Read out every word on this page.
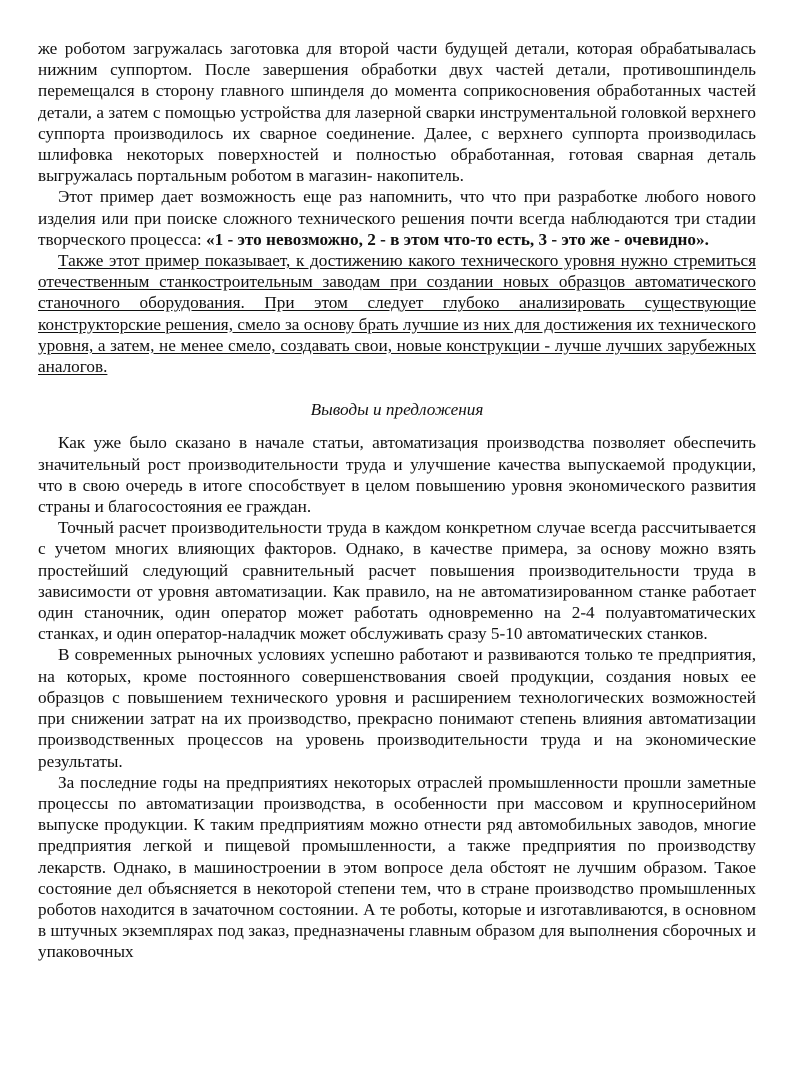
же роботом загружалась заготовка для второй части будущей детали, которая обрабатывалась нижним суппортом. После завершения обработки двух частей детали, противошпиндель перемещался в сторону главного шпинделя до момента соприкосновения обработанных частей детали, а затем с помощью устройства для лазерной сварки инструментальной головкой верхнего суппорта производилось их сварное соединение. Далее, с верхнего суппорта производилась шлифовка некоторых поверхностей и полностью обработанная, готовая сварная деталь выгружалась портальным роботом в магазин- накопитель.

Этот пример дает возможность еще раз напомнить, что что при разработке любого нового изделия или при поиске сложного технического решения почти всегда наблюдаются три стадии творческого процесса: «1 - это невозможно, 2 - в этом что-то есть, 3 - это же - очевидно».

Также этот пример показывает, к достижению какого технического уровня нужно стремиться отечественным станкостроительным заводам при создании новых образцов автоматического станочного оборудования. При этом следует глубоко анализировать существующие конструкторские решения, смело за основу брать лучшие из них для достижения их технического уровня, а затем, не менее смело, создавать свои, новые конструкции - лучше лучших зарубежных аналогов.

Выводы и предложения

Как уже было сказано в начале статьи, автоматизация производства позволяет обеспечить значительный рост производительности труда и улучшение качества выпускаемой продукции, что в свою очередь в итоге способствует в целом повышению уровня экономического развития страны и благосостояния ее граждан.

Точный расчет производительности труда в каждом конкретном случае всегда рассчитывается с учетом многих влияющих факторов. Однако, в качестве примера, за основу можно взять простейший следующий сравнительный расчет повышения производительности труда в зависимости от уровня автоматизации. Как правило, на не автоматизированном станке работает один станочник, один оператор может работать одновременно на 2-4 полуавтоматических станках, и один оператор-наладчик может обслуживать сразу 5-10 автоматических станков.

В современных рыночных условиях успешно работают и развиваются только те предприятия, на которых, кроме постоянного совершенствования своей продукции, создания новых ее образцов с повышением технического уровня и расширением технологических возможностей при снижении затрат на их производство, прекрасно понимают степень влияния автоматизации производственных процессов на уровень производительности труда и на экономические результаты.

За последние годы на предприятиях некоторых отраслей промышленности прошли заметные процессы по автоматизации производства, в особенности при массовом и крупносерийном выпуске продукции. К таким предприятиям можно отнести ряд автомобильных заводов, многие предприятия легкой и пищевой промышленности, а также предприятия по производству лекарств. Однако, в машиностроении в этом вопросе дела обстоят не лучшим образом. Такое состояние дел объясняется в некоторой степени тем, что в стране производство промышленных роботов находится в зачаточном состоянии. А те роботы, которые и изготавливаются, в основном в штучных экземплярах под заказ, предназначены главным образом для выполнения сборочных и упаковочных
